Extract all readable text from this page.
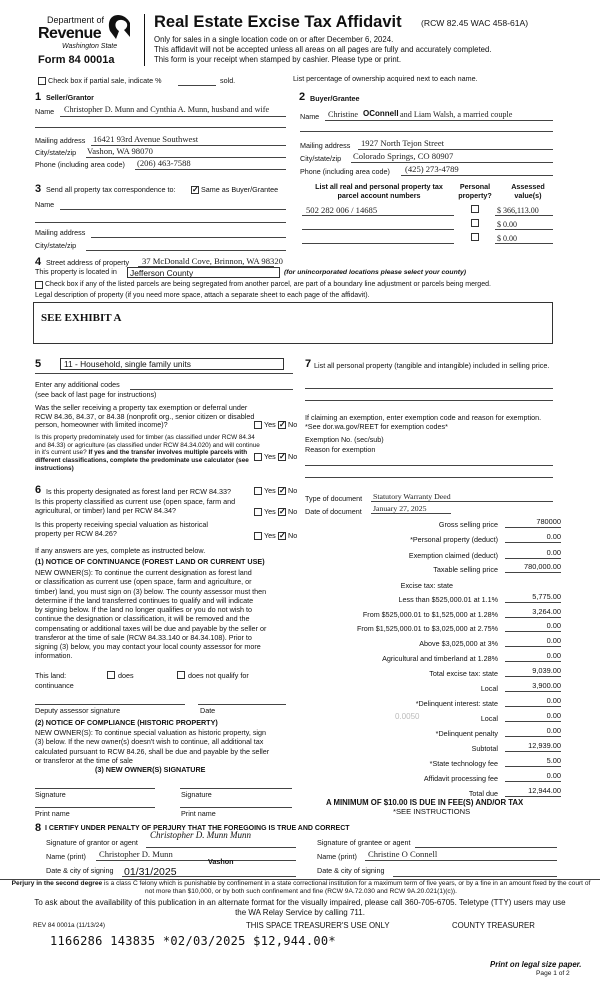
Department of
Revenue
Washington State
Form 84 0001a
Real Estate Excise Tax Affidavit (RCW 82.45 WAC 458-61A)
Only for sales in a single location code on or after December 6, 2024.
This affidavit will not be accepted unless all areas on all pages are fully and accurately completed.
This form is your receipt when stamped by cashier. Please type or print.
Check box if partial sale, indicate %	sold.	List percentage of ownership acquired next to each name.
1 Seller/Grantor
Name Christopher D. Munn and Cynthia A. Munn, husband and wife
Mailing address 16421 93rd Avenue Southwest
City/state/zip Vashon, WA 98070
Phone (including area code) (206) 463-7588
2 Buyer/Grantee
Name Christine OConnell and Liam Walsh, a married couple
Mailing address 1927 North Tejon Street
City/state/zip Colorado Springs, CO 80907
Phone (including area code) (425) 273-4789
3 Send all property tax correspondence to: ✓ Same as Buyer/Grantee
Name
Mailing address
City/state/zip
List all real and personal property tax parcel account numbers
Personal property?
Assessed value(s)
502 282 006 / 14685	$ 366,113.00
$ 0.00
$ 0.00
4 Street address of property 37 McDonald Cove, Brinnon, WA 98320
This property is located in Jefferson County	(for unincorporated locations please select your county)
Check box if any of the listed parcels are being segregated from another parcel, are part of a boundary line adjustment or parcels being merged.
Legal description of property (if you need more space, attach a separate sheet to each page of the affidavit).
SEE EXHIBIT A
5	11 - Household, single family units
Enter any additional codes
(see back of last page for instructions)
Was the seller receiving a property tax exemption or deferral under RCW 84.36, 84.37, or 84.38 (nonprofit org., senior citizen or disabled person, homeowner with limited income)?	Yes ✓ No
Is this property predominately used for timber (as classified under RCW 84.34 and 84.33) or agriculture (as classified under RCW 84.34.020) and will continue in it's current use? If yes and the transfer involves multiple parcels with different classifications, complete the predominate use calculator (see instructions)
Yes ✓ No
6 Is this property designated as forest land per RCW 84.33?	Yes ✓ No
Is this property classified as current use (open space, farm and agricultural, or timber) land per RCW 84.34?	Yes ✓ No
Is this property receiving special valuation as historical property per RCW 84.26?	Yes ✓ No
If any answers are yes, complete as instructed below.
(1) NOTICE OF CONTINUANCE (FOREST LAND OR CURRENT USE)
NEW OWNER(S): To continue the current designation as forest land
or classification as current use (open space, farm and agriculture, or
timber) land, you must sign on (3) below. The county assessor must then
determine if the land transferred continues to qualify and will indicate
by signing below. If the land no longer qualifies or you do not wish to
continue the designation or classification, it will be removed and the
compensating or additional taxes will be due and payable by the seller or
transferor at the time of sale (RCW 84.33.140 or 84.34.108). Prior to
signing (3) below, you may contact your local county assessor for more
information.
This land:
continuance
does	does not qualify for
Deputy assessor signature	Date
(2) NOTICE OF COMPLIANCE (HISTORIC PROPERTY)
NEW OWNER(S): To continue special valuation as historic property, sign
(3) below. If the new owner(s) doesn't wish to continue, all additional tax
calculated pursuant to RCW 84.26, shall be due and payable by the seller
or transferor at the time of sale
(3) NEW OWNER(S) SIGNATURE
Signature	Signature
Print name	Print name
7 List all personal property (tangible and intangible) included in selling price.
If claiming an exemption, enter exemption code and reason for exemption. *See dor.wa.gov/REET for exemption codes*
Exemption No. (sec/sub)
Reason for exemption
Type of document Statutory Warranty Deed
Date of document January 27, 2025
Gross selling price	780000
*Personal property (deduct)	0.00
Exemption claimed (deduct)	0.00
Taxable selling price	780,000.00
Excise tax: state
Less than $525,000.01 at 1.1%	5,775.00
From $525,000.01 to $1,525,000 at 1.28%	3,264.00
From $1,525,000.01 to $3,025,000 at 2.75%	0.00
Above $3,025,000 at 3%	0.00
Agricultural and timberland at 1.28%	0.00
Total excise tax: state	9,039.00
Local	3,900.00
*Delinquent interest: state	0.00
Local	0.00
*Delinquent penalty	0.00
Subtotal	12,939.00
*State technology fee	5.00
Affidavit processing fee	0.00
Total due	12,944.00
0.0050
A MINIMUM OF $10.00 IS DUE IN FEE(S) AND/OR TAX
*SEE INSTRUCTIONS
8 I CERTIFY UNDER PENALTY OF PERJURY THAT THE FOREGOING IS TRUE AND CORRECT
Signature of grantor or agent
Christopher D. Munn Munn
Name (print) Christopher D. Munn
Date & city of signing
Vashon
01/31/2025
Signature of grantee or agent
Name (print) Christine O Connell
Date & city of signing
Perjury in the second degree is a class C felony which is punishable by confinement in a state correctional institution for a maximum term of five years, or by a fine in an amount fixed by the court of not more than $10,000, or by both such confinement and fine (RCW 9A.72.030 and RCW 9A.20.021(1)(c)).
To ask about the availability of this publication in an alternate format for the visually impaired, please call 360-705-6705. Teletype (TTY) users may use the WA Relay Service by calling 711.
REV 84 0001a (11/13/24)	THIS SPACE TREASURER'S USE ONLY	COUNTY TREASURER
1166286 143835 *02/03/2025 $12,944.00*
Print on legal size paper.
Page 1 of 2
